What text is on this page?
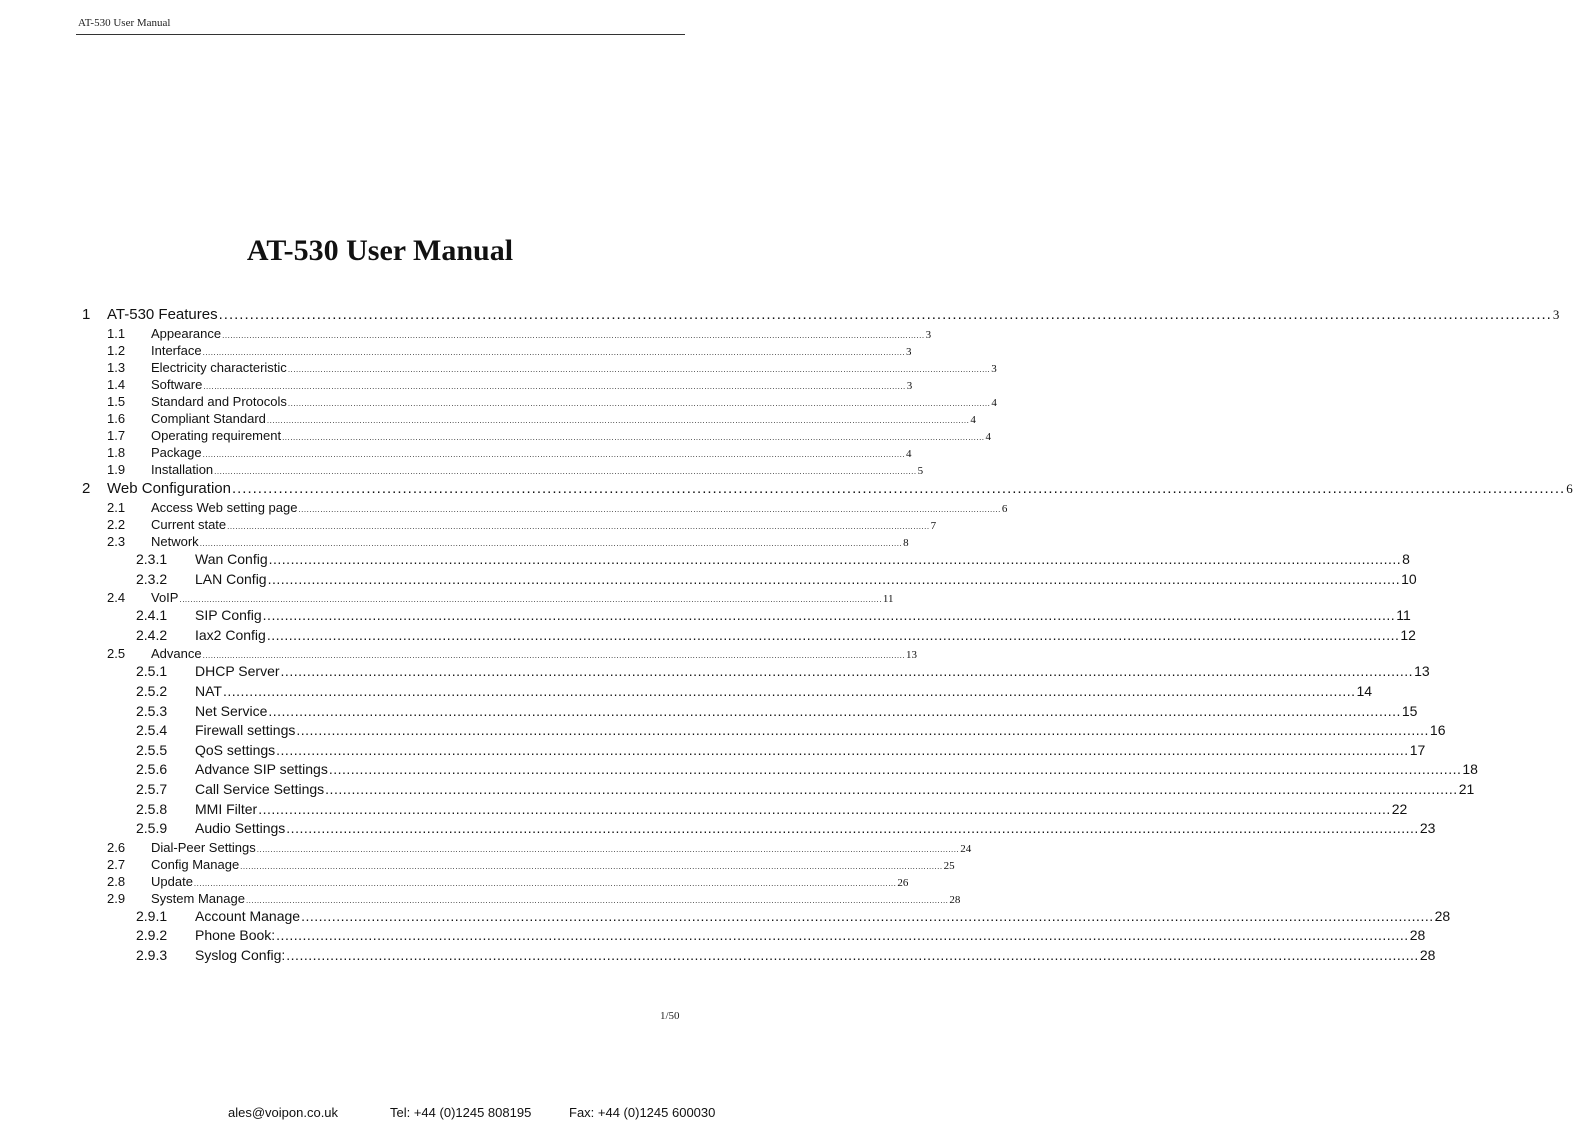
AT-530 User Manual
AT-530 User Manual
1	AT-530 Features .................................................................................................................................................................................................................................................................. 3
1.1	Appearance .................................................................................................................................................................................................................................................................. 3
1.2	Interface .................................................................................................................................................................................................................................................................. 3
1.3	Electricity characteristic .................................................................................................................................................................................................................................................................. 3
1.4	Software .................................................................................................................................................................................................................................................................. 3
1.5	Standard and Protocols .................................................................................................................................................................................................................................................................. 4
1.6	Compliant Standard .................................................................................................................................................................................................................................................................. 4
1.7	Operating requirement .................................................................................................................................................................................................................................................................. 4
1.8	Package .................................................................................................................................................................................................................................................................. 4
1.9	Installation .................................................................................................................................................................................................................................................................. 5
2	Web Configuration .................................................................................................................................................................................................................................................................. 6
2.1	Access Web setting page .................................................................................................................................................................................................................................................................. 6
2.2	Current state .................................................................................................................................................................................................................................................................. 7
2.3	Network .................................................................................................................................................................................................................................................................. 8
2.3.1	Wan Config .................................................................................................................................................................................................................................................................. 8
2.3.2	LAN Config .................................................................................................................................................................................................................................................................. 10
2.4	VoIP .................................................................................................................................................................................................................................................................. 11
2.4.1	SIP Config .................................................................................................................................................................................................................................................................. 11
2.4.2	Iax2 Config .................................................................................................................................................................................................................................................................. 12
2.5	Advance .................................................................................................................................................................................................................................................................. 13
2.5.1	DHCP Server .................................................................................................................................................................................................................................................................. 13
2.5.2	NAT .................................................................................................................................................................................................................................................................. 14
2.5.3	Net Service .................................................................................................................................................................................................................................................................. 15
2.5.4	Firewall settings .................................................................................................................................................................................................................................................................. 16
2.5.5	QoS settings .................................................................................................................................................................................................................................................................. 17
2.5.6	Advance SIP settings .................................................................................................................................................................................................................................................................. 18
2.5.7	Call Service Settings .................................................................................................................................................................................................................................................................. 21
2.5.8	MMI Filter .................................................................................................................................................................................................................................................................. 22
2.5.9	Audio Settings .................................................................................................................................................................................................................................................................. 23
2.6	Dial-Peer Settings .................................................................................................................................................................................................................................................................. 24
2.7	Config Manage .................................................................................................................................................................................................................................................................. 25
2.8	Update .................................................................................................................................................................................................................................................................. 26
2.9	System Manage .................................................................................................................................................................................................................................................................. 28
2.9.1	Account Manage .................................................................................................................................................................................................................................................................. 28
2.9.2	Phone Book: .................................................................................................................................................................................................................................................................. 28
2.9.3	Syslog Config: .................................................................................................................................................................................................................................................................. 28
1/50
ales@voipon.co.uk	Tel: +44 (0)1245 808195	Fax: +44 (0)1245 600030
